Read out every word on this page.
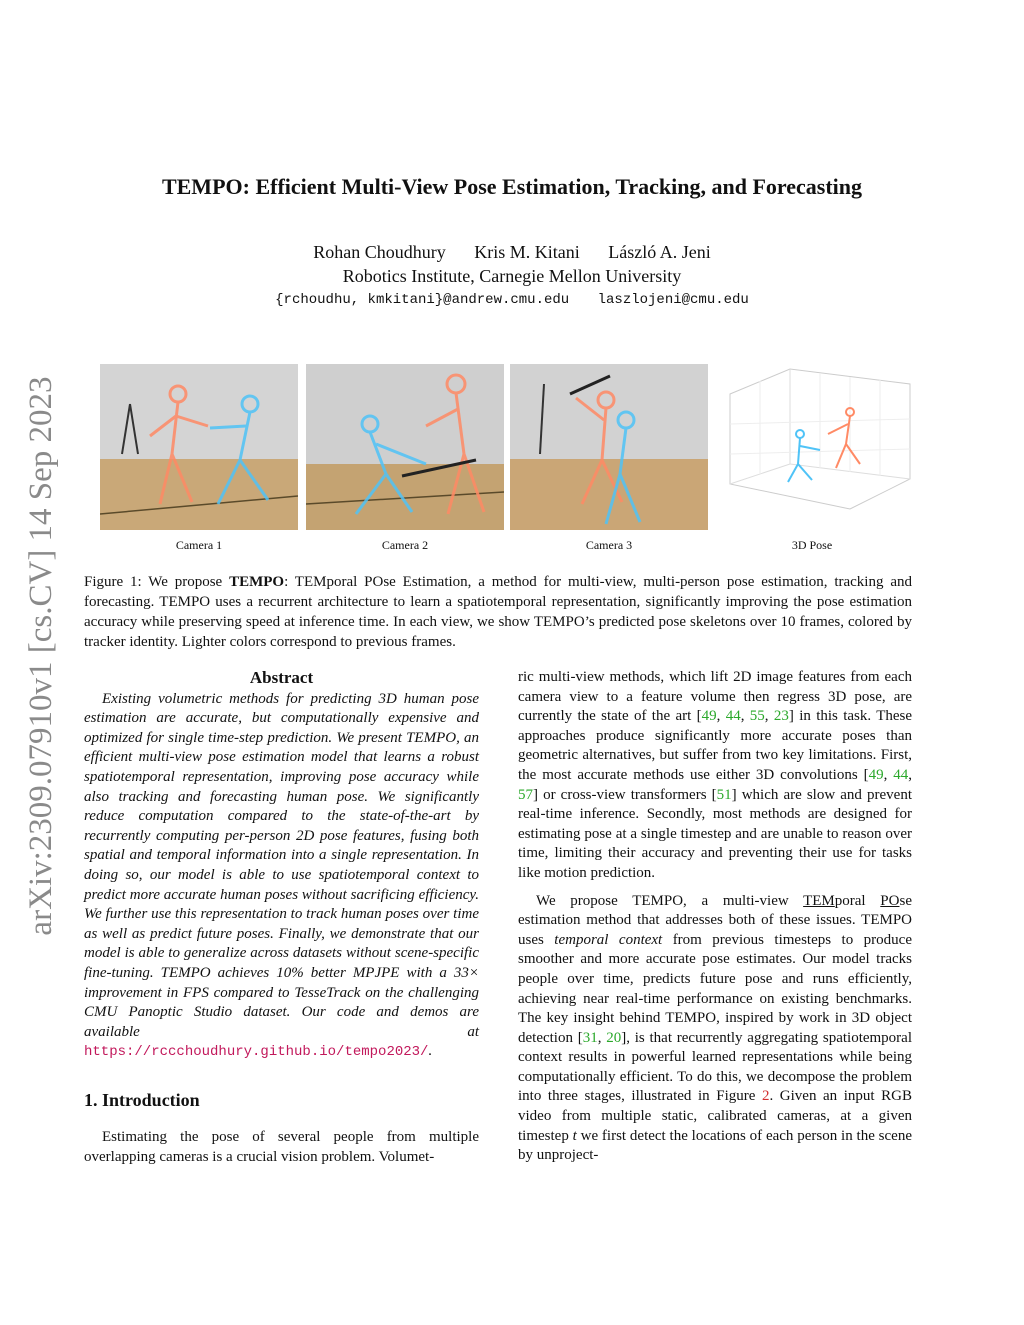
arXiv:2309.07910v1 [cs.CV] 14 Sep 2023
TEMPO: Efficient Multi-View Pose Estimation, Tracking, and Forecasting
Rohan Choudhury Kris M. Kitani László A. Jeni
Robotics Institute, Carnegie Mellon University
{rchoudhu, kmkitani}@andrew.cmu.edu laszlojeni@cmu.edu
Camera 1	Camera 2	Camera 3	3D Pose
Figure 1: We propose TEMPO: TEMporal POse Estimation, a method for multi-view, multi-person pose estimation, tracking and forecasting. TEMPO uses a recurrent architecture to learn a spatiotemporal representation, significantly improving the pose estimation accuracy while preserving speed at inference time. In each view, we show TEMPO’s predicted pose skeletons over 10 frames, colored by tracker identity. Lighter colors correspond to previous frames.
Abstract

Existing volumetric methods for predicting 3D human pose estimation are accurate, but computationally expensive and optimized for single time-step prediction. We present TEMPO, an efficient multi-view pose estimation model that learns a robust spatiotemporal representation, improving pose accuracy while also tracking and forecasting human pose. We significantly reduce computation compared to the state-of-the-art by recurrently computing per-person 2D pose features, fusing both spatial and temporal information into a single representation. In doing so, our model is able to use spatiotemporal context to predict more accurate human poses without sacrificing efficiency. We further use this representation to track human poses over time as well as predict future poses. Finally, we demonstrate that our model is able to generalize across datasets without scene-specific fine-tuning. TEMPO achieves 10% better MPJPE with a 33× improvement in FPS compared to TesseTrack on the challenging CMU Panoptic Studio dataset. Our code and demos are available at https://rccchoudhury.github.io/tempo2023/.

1. Introduction

Estimating the pose of several people from multiple overlapping cameras is a crucial vision problem. Volumet-

ric multi-view methods, which lift 2D image features from each camera view to a feature volume then regress 3D pose, are currently the state of the art [49, 44, 55, 23] in this task. These approaches produce significantly more accurate poses than geometric alternatives, but suffer from two key limitations. First, the most accurate methods use either 3D convolutions [49, 44, 57] or cross-view transformers [51] which are slow and prevent real-time inference. Secondly, most methods are designed for estimating pose at a single timestep and are unable to reason over time, limiting their accuracy and preventing their use for tasks like motion prediction.

We propose TEMPO, a multi-view TEMporal POse estimation method that addresses both of these issues. TEMPO uses temporal context from previous timesteps to produce smoother and more accurate pose estimates. Our model tracks people over time, predicts future pose and runs efficiently, achieving near real-time performance on existing benchmarks. The key insight behind TEMPO, inspired by work in 3D object detection [31, 20], is that recurrently aggregating spatiotemporal context results in powerful learned representations while being computationally efficient. To do this, we decompose the problem into three stages, illustrated in Figure 2. Given an input RGB video from multiple static, calibrated cameras, at a given timestep t we first detect the locations of each person in the scene by unproject-
